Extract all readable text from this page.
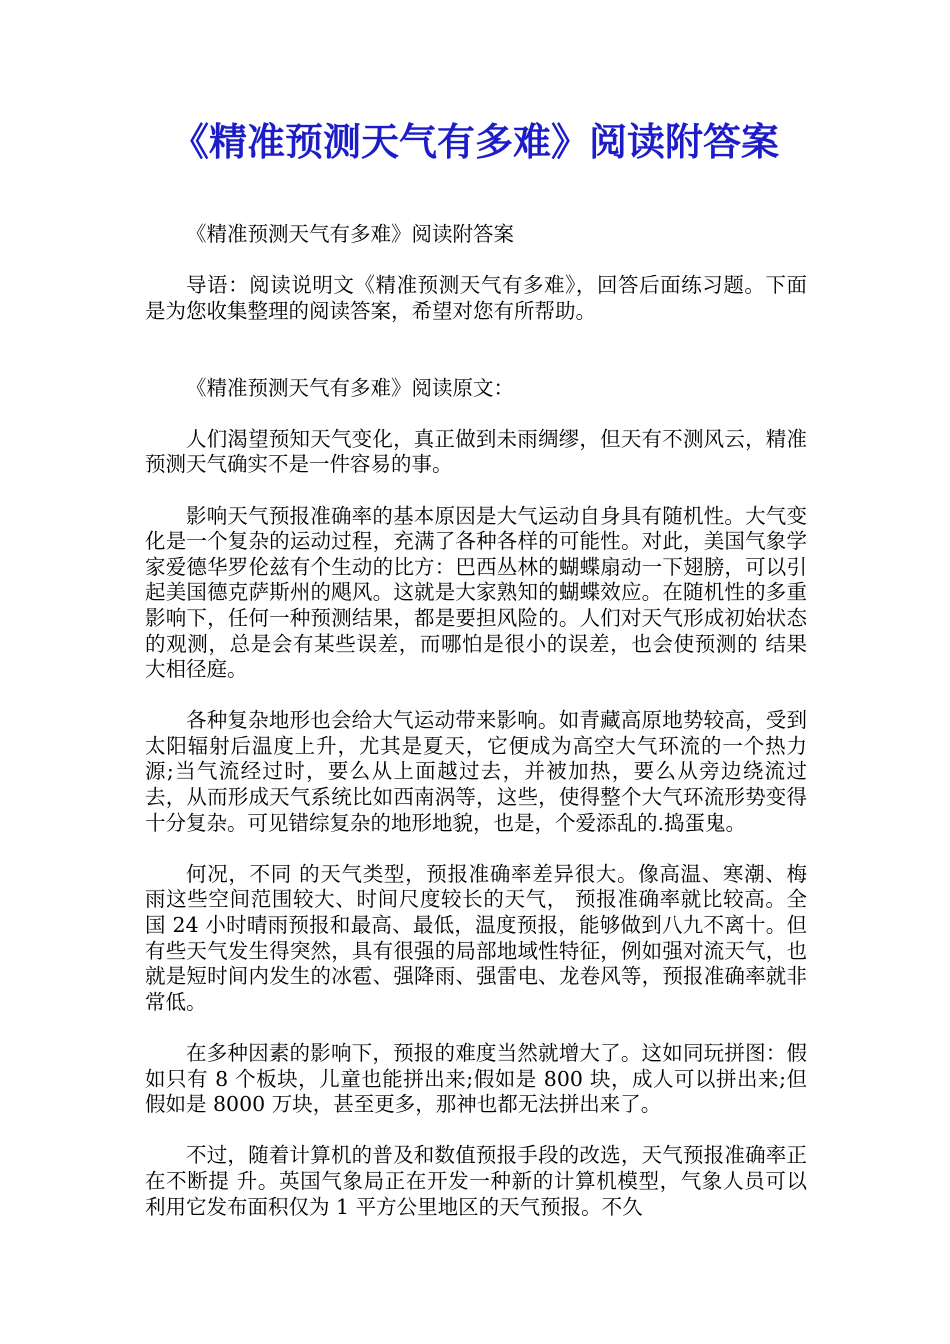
《精准预测天气有多难》阅读附答案

《精准预测天气有多难》阅读附答案

导语：阅读说明文《精准预测天气有多难》，回答后面练习题。下面是为您收集整理的阅读答案，希望对您有所帮助。

《精准预测天气有多难》阅读原文：

人们渴望预知天气变化，真正做到未雨绸缪，但天有不测风云，精准预测天气确实不是一件容易的事。

影响天气预报准确率的基本原因是大气运动自身具有随机性。大气变化是一个复杂的运动过程，充满了各种各样的可能性。对此，美国气象学家爱德华罗伦兹有个生动的比方：巴西丛林的蝴蝶扇动一下翅膀，可以引起美国德克萨斯州的飓风。这就是大家熟知的蝴蝶效应。在随机性的多重影响下，任何一种预测结果，都是要担风险的。人们对天气形成初始状态的观测，总是会有某些误差，而哪怕是很小的误差，也会使预测的 结果大相径庭。

各种复杂地形也会给大气运动带来影响。如青藏高原地势较高，受到太阳辐射后温度上升，尤其是夏天，它便成为高空大气环流的一个热力源;当气流经过时，要么从上面越过去，并被加热，要么从旁边绕流过去，从而形成天气系统比如西南涡等，这些，使得整个大气环流形势变得十分复杂。可见错综复杂的地形地貌，也是，个爱添乱的.捣蛋鬼。

何况，不同 的天气类型，预报准确率差异很大。像高温、寒潮、梅雨这些空间范围较大、时间尺度较长的天气， 预报准确率就比较高。全国 24 小时晴雨预报和最高、最低，温度预报，能够做到八九不离十。但有些天气发生得突然，具有很强的局部地域性特征，例如强对流天气，也就是短时间内发生的冰雹、强降雨、强雷电、龙卷风等，预报准确率就非常低。

在多种因素的影响下，预报的难度当然就增大了。这如同玩拼图：假如只有 8 个板块，儿童也能拼出来;假如是 800 块，成人可以拼出来;但假如是 8000 万块，甚至更多，那神也都无法拼出来了。

不过，随着计算机的普及和数值预报手段的改选，天气预报准确率正在不断提 升。英国气象局正在开发一种新的计算机模型，气象人员可以利用它发布面积仅为 1 平方公里地区的天气预报。不久
